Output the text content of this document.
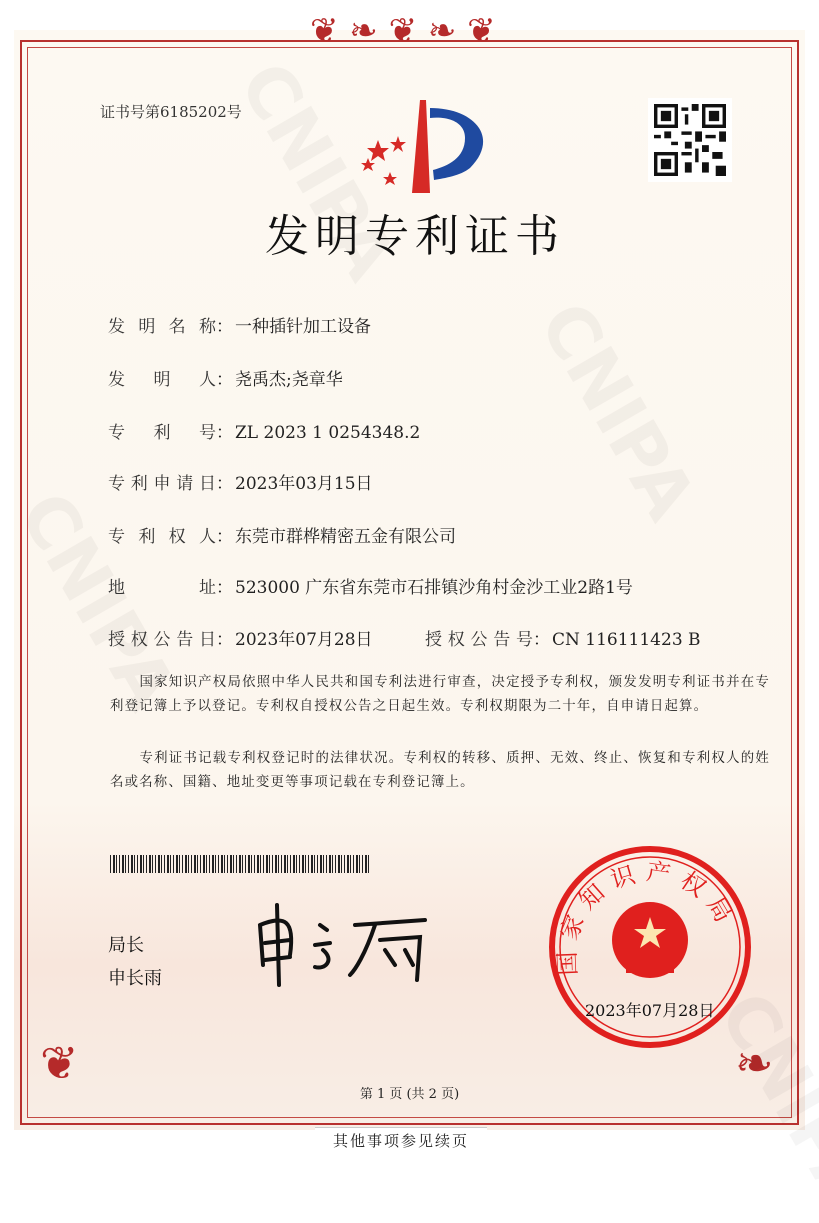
❦ ❧ ❦ ❧ ❦
❦	❧
证书号第6185202号
发明专利证书
发明名称 ： 一种插针加工设备
发明人 ： 尧禹杰;尧章华
专利号 ： ZL 2023 1 0254348.2
专利申请日 ： 2023年03月15日
专利权人 ： 东莞市群桦精密五金有限公司
地址 ： 523000 广东省东莞市石排镇沙角村金沙工业2路1号
授权公告日 ： 2023年07月28日	授权公告号 ： CN 116111423 B
国家知识产权局依照中华人民共和国专利法进行审查，决定授予专利权，颁发发明专利证书并在专利登记簿上予以登记。专利权自授权公告之日起生效。专利权期限为二十年，自申请日起算。
专利证书记载专利权登记时的法律状况。专利权的转移、质押、无效、终止、恢复和专利权人的姓名或名称、国籍、地址变更等事项记载在专利登记簿上。
局长
申长雨
国家知识产权局
2023年07月28日
第 1 页 (共 2 页)
其他事项参见续页
